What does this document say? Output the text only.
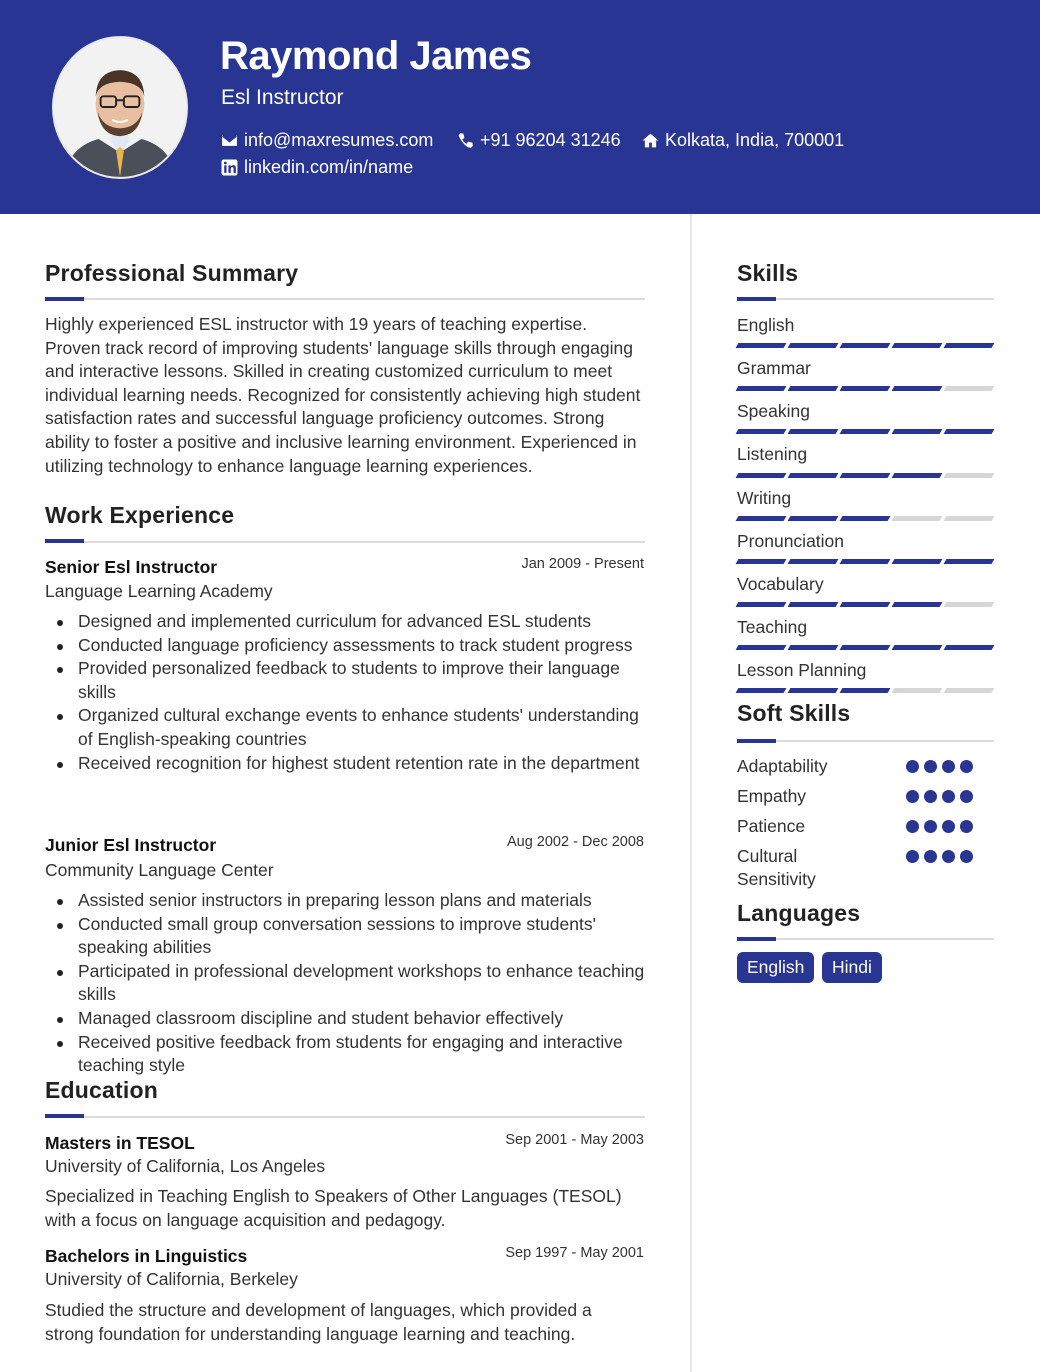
Raymond James
Esl Instructor
info@maxresumes.com	+91 96204 31246 Kolkata, India, 700001
linkedin.com/in/name
Professional Summary
Highly experienced ESL instructor with 19 years of teaching expertise. Proven track record of improving students' language skills through engaging and interactive lessons. Skilled in creating customized curriculum to meet individual learning needs. Recognized for consistently achieving high student satisfaction rates and successful language proficiency outcomes. Strong ability to foster a positive and inclusive learning environment. Experienced in utilizing technology to enhance language learning experiences.
Work Experience
Senior Esl Instructor	Jan 2009 - Present
Language Learning Academy
Designed and implemented curriculum for advanced ESL students
Conducted language proficiency assessments to track student progress
Provided personalized feedback to students to improve their language skills
Organized cultural exchange events to enhance students' understanding of English-speaking countries
Received recognition for highest student retention rate in the department
Junior Esl Instructor	Aug 2002 - Dec 2008
Community Language Center
Assisted senior instructors in preparing lesson plans and materials
Conducted small group conversation sessions to improve students' speaking abilities
Participated in professional development workshops to enhance teaching skills
Managed classroom discipline and student behavior effectively
Received positive feedback from students for engaging and interactive teaching style
Education
Masters in TESOL	Sep 2001 - May 2003
University of California, Los Angeles
Specialized in Teaching English to Speakers of Other Languages (TESOL) with a focus on language acquisition and pedagogy.
Bachelors in Linguistics	Sep 1997 - May 2001
University of California, Berkeley
Studied the structure and development of languages, which provided a strong foundation for understanding language learning and teaching.
Skills
English
Grammar
Speaking
Listening
Writing
Pronunciation
Vocabulary
Teaching
Lesson Planning
Soft Skills
Adaptability
Empathy
Patience
Cultural Sensitivity
Languages
English	Hindi
